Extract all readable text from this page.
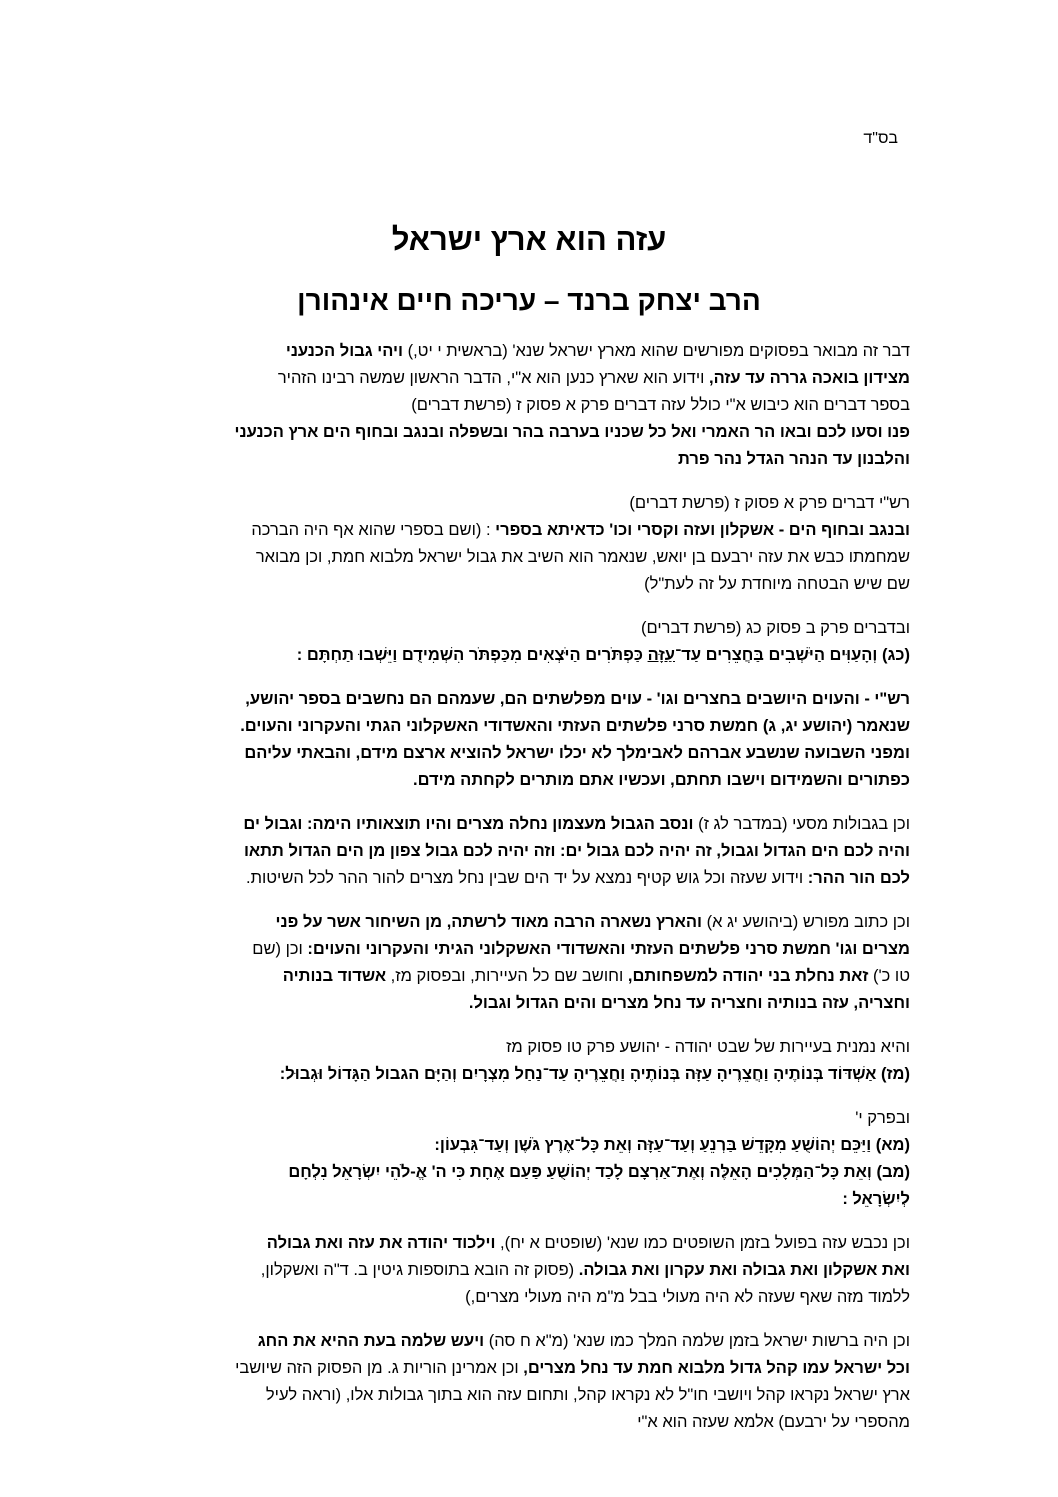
בס"ד
עזה הוא ארץ ישראל
הרב יצחק ברנד – עריכה חיים אינהורן
דבר זה מבואר בפסוקים מפורשים שהוא מארץ ישראל שנא' (בראשית י יט,) ויהי גבול הכנעני
מצידון בואכה גררה עד עזה, וידוע הוא שארץ כנען הוא א"י, הדבר הראשון שמשה רבינו הזהיר
בספר דברים הוא כיבוש א"י כולל עזה דברים פרק א פסוק ז (פרשת דברים)
פנו וסעו לכם ובאו הר האמרי ואל כל שכניו בערבה בהר ובשפלה ובנגב ובחוף הים ארץ הכנעני
והלבנון עד הנהר הגדל נהר פרת
רש"י דברים פרק א פסוק ז (פרשת דברים)
ובנגב ובחוף הים - אשקלון ועזה וקסרי וכו' כדאיתא בספרי : (ושם בספרי שהוא אף היה הברכה
שמחמתו כבש את עזה ירבעם בן יואש, שנאמר הוא השיב את גבול ישראל מלבוא חמת, וכן מבואר
שם שיש הבטחה מיוחדת על זה לעת"ל)
ובדברים פרק ב פסוק כג (פרשת דברים)
(כג) וְהָעַוִּים הַיֹּשְׁבִים בַּחֲצֵרִים עַד־עַזָּה כַּפְתֹּרִים הַיֹּצְאִים מִכַּפְתֹּר הִשְׁמִידֻם וַיֵּשְׁבוּ תַחְתָּם :
רש"י - והעוים היושבים בחצרים וגו' - עוים מפלשתים הם, שעמהם הם נחשבים בספר יהושע,
שנאמר (יהושע יג, ג) חמשת סרני פלשתים העזתי והאשדודי האשקלוני הגתי והעקרוני והעוים.
ומפני השבועה שנשבע אברהם לאבימלך לא יכלו ישראל להוציא ארצם מידם, והבאתי עליהם
כפתורים והשמידום וישבו תחתם, ועכשיו אתם מותרים לקחתה מידם.
וכן בגבולות מסעי (במדבר לג ז) ונסב הגבול מעצמון נחלה מצרים והיו תוצאותיו הימה: וגבול ים
והיה לכם הים הגדול וגבול, זה יהיה לכם גבול ים: וזה יהיה לכם גבול צפון מן הים הגדול תתאו
לכם הור ההר: וידוע שעזה וכל גוש קטיף נמצא על יד הים שבין נחל מצרים להור ההר לכל השיטות.
וכן כתוב מפורש (ביהושע יג א) והארץ נשארה הרבה מאוד לרשתה, מן השיחור אשר על פני
מצרים וגו' חמשת סרני פלשתים העזתי והאשדודי האשקלוני הגיתי והעקרוני והעוים: וכן (שם
טו כ') זאת נחלת בני יהודה למשפחותם, וחושב שם כל העיירות, ובפסוק מז, אשדוד בנותיה
וחצריה, עזה בנותיה וחצריה עד נחל מצרים והים הגדול וגבול.
והיא נמנית בעיירות של שבט יהודה - יהושע פרק טו פסוק מז
(מז) אַשְׁדּוֹד בְּנוֹתֶיהָ וַחֲצֵרֶיהָ עַזָּה בְּנוֹתֶיהָ וַחֲצֵרֶיהָ עַד־נַחַל מִצְרָיִם וְהַיָּם הגבול הַגָּדוֹל וּגְבוּל:
ובפרק י'
(מא) וַיַּכֵּם יְהוֹשֻׁעַ מִקָּדֵשׁ בַּרְנֵעַ וְעַד־עַזָּה וְאֵת כָּל־אֶרֶץ גֹּשֶׁן וְעַד־גִּבְעוֹן:
(מב) וְאֵת כָּל־הַמְּלָכִים הָאֵלֶּה וְאֶת־אַרְצָם לָכַד יְהוֹשֻׁעַ פַּעַם אֶחָת כִּי ה' אֱ-לֹהֵי יִשְׂרָאֵל נִלְחָם
לְיִשְׂרָאֵל :
וכן נכבש עזה בפועל בזמן השופטים כמו שנא' (שופטים א יח), וילכוד יהודה את עזה ואת גבולה
ואת אשקלון ואת גבולה ואת עקרון ואת גבולה. (פסוק זה הובא בתוספות גיטין ב. ד"ה ואשקלון,
ללמוד מזה שאף שעזה לא היה מעולי בבל מ"מ היה מעולי מצרים,)
וכן היה ברשות ישראל בזמן שלמה המלך כמו שנא' (מ"א ח סה) ויעש שלמה בעת ההיא את החג
וכל ישראל עמו קהל גדול מלבוא חמת עד נחל מצרים, וכן אמרינן הוריות ג. מן הפסוק הזה שיושבי
ארץ ישראל נקראו קהל ויושבי חו"ל לא נקראו קהל, ותחום עזה הוא בתוך גבולות אלו, (וראה לעיל
מהספרי על ירבעם) אלמא שעזה הוא א"י
